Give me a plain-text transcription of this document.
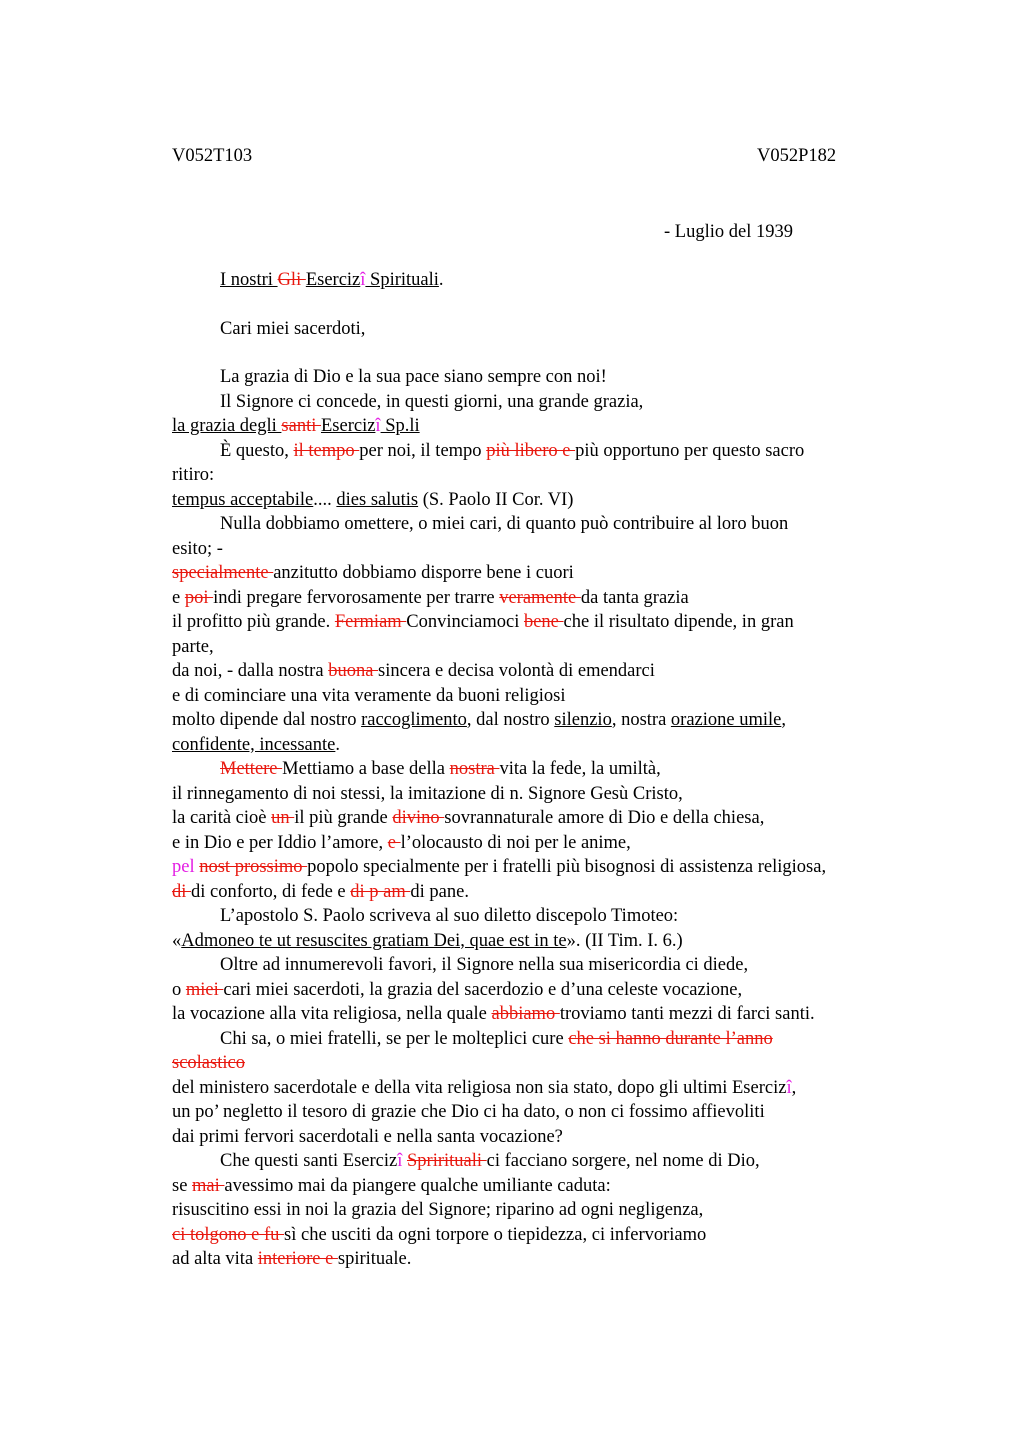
V052T103	V052P182
- Luglio del 1939

I nostri Gli Esercizî Spirituali.

Cari miei sacerdoti,

La grazia di Dio e la sua pace siano sempre con noi!

Il Signore ci concede, in questi giorni, una grande grazia,

la grazia degli santi Esercizî Sp.li

È questo, il tempo per noi, il tempo più libero e più opportuno per questo sacro

ritiro:

tempus acceptabile.... dies salutis (S. Paolo II Cor. VI)

Nulla dobbiamo omettere, o miei cari, di quanto può contribuire al loro buon

esito; -

specialmente anzitutto dobbiamo disporre bene i cuori

e poi indi pregare fervorosamente per trarre veramente da tanta grazia

il profitto più grande. Fermiam Convinciamoci bene che il risultato dipende, in gran

parte,

da noi, - dalla nostra buona sincera e decisa volontà di emendarci

e di cominciare una vita veramente da buoni religiosi

molto dipende dal nostro raccoglimento, dal nostro silenzio, nostra orazione umile,

confidente, incessante.

Mettere Mettiamo a base della nostra vita la fede, la umiltà,

il rinnegamento di noi stessi, la imitazione di n. Signore Gesù Cristo,

la carità cioè un il più grande divino sovrannaturale amore di Dio e della chiesa,

e in Dio e per Iddio l’amore, e l’olocausto di noi per le anime,

pel nost prossimo popolo specialmente per i fratelli più bisognosi di assistenza religiosa,

di di conforto, di fede e di p am di pane.

L’apostolo S. Paolo scriveva al suo diletto discepolo Timoteo:

«Admoneo te ut resuscites gratiam Dei, quae est in te». (II Tim. I. 6.)

Oltre ad innumerevoli favori, il Signore nella sua misericordia ci diede,

o miei cari miei sacerdoti, la grazia del sacerdozio e d’una celeste vocazione,

la vocazione alla vita religiosa, nella quale abbiamo troviamo tanti mezzi di farci santi.

Chi sa, o miei fratelli, se per le molteplici cure che si hanno durante l’anno

scolastico

del ministero sacerdotale e della vita religiosa non sia stato, dopo gli ultimi Esercizî,

un po’ negletto il tesoro di grazie che Dio ci ha dato, o non ci fossimo affievoliti

dai primi fervori sacerdotali e nella santa vocazione?

Che questi santi Esercizî Sprirituali ci facciano sorgere, nel nome di Dio,

se mai avessimo mai da piangere qualche umiliante caduta:

risuscitino essi in noi la grazia del Signore; riparino ad ogni negligenza,

ci tolgono e fu sì che usciti da ogni torpore o tiepidezza, ci infervoriamo

ad alta vita interiore e spirituale.
